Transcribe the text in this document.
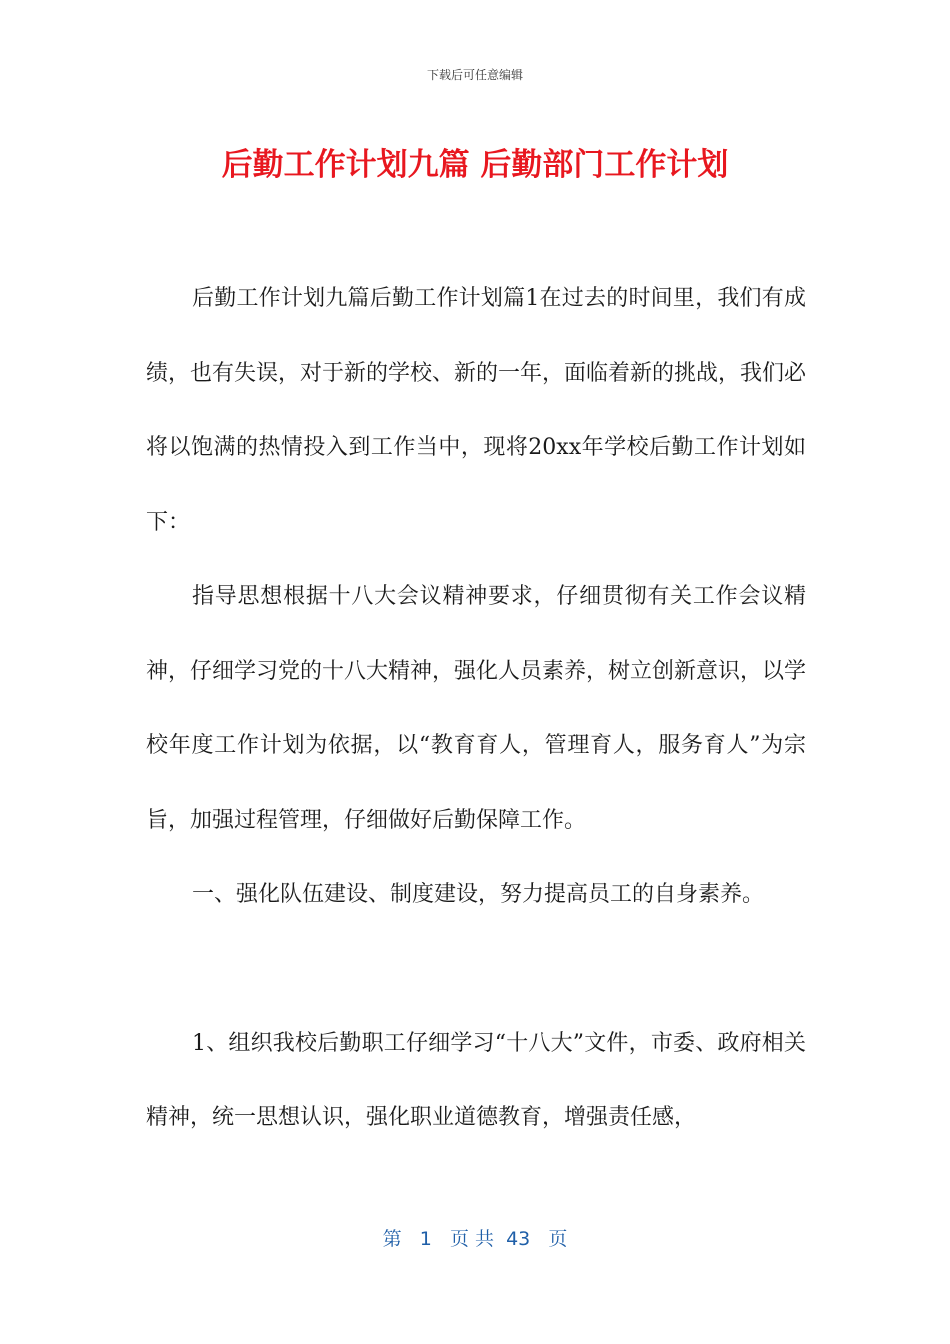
下载后可任意编辑
后勤工作计划九篇 后勤部门工作计划

后勤工作计划九篇后勤工作计划篇1在过去的时间里，我们有成绩，也有失误，对于新的学校、新的一年，面临着新的挑战，我们必将以饱满的热情投入到工作当中，现将20xx年学校后勤工作计划如下：

指导思想根据十八大会议精神要求，仔细贯彻有关工作会议精神，仔细学习党的十八大精神，强化人员素养，树立创新意识，以学校年度工作计划为依据，以“教育育人，管理育人，服务育人”为宗旨，加强过程管理，仔细做好后勤保障工作。

一、强化队伍建设、制度建设，努力提高员工的自身素养。

1、组织我校后勤职工仔细学习“十八大”文件，市委、政府相关精神，统一思想认识，强化职业道德教育，增强责任感，

第   1   页 共  43   页
